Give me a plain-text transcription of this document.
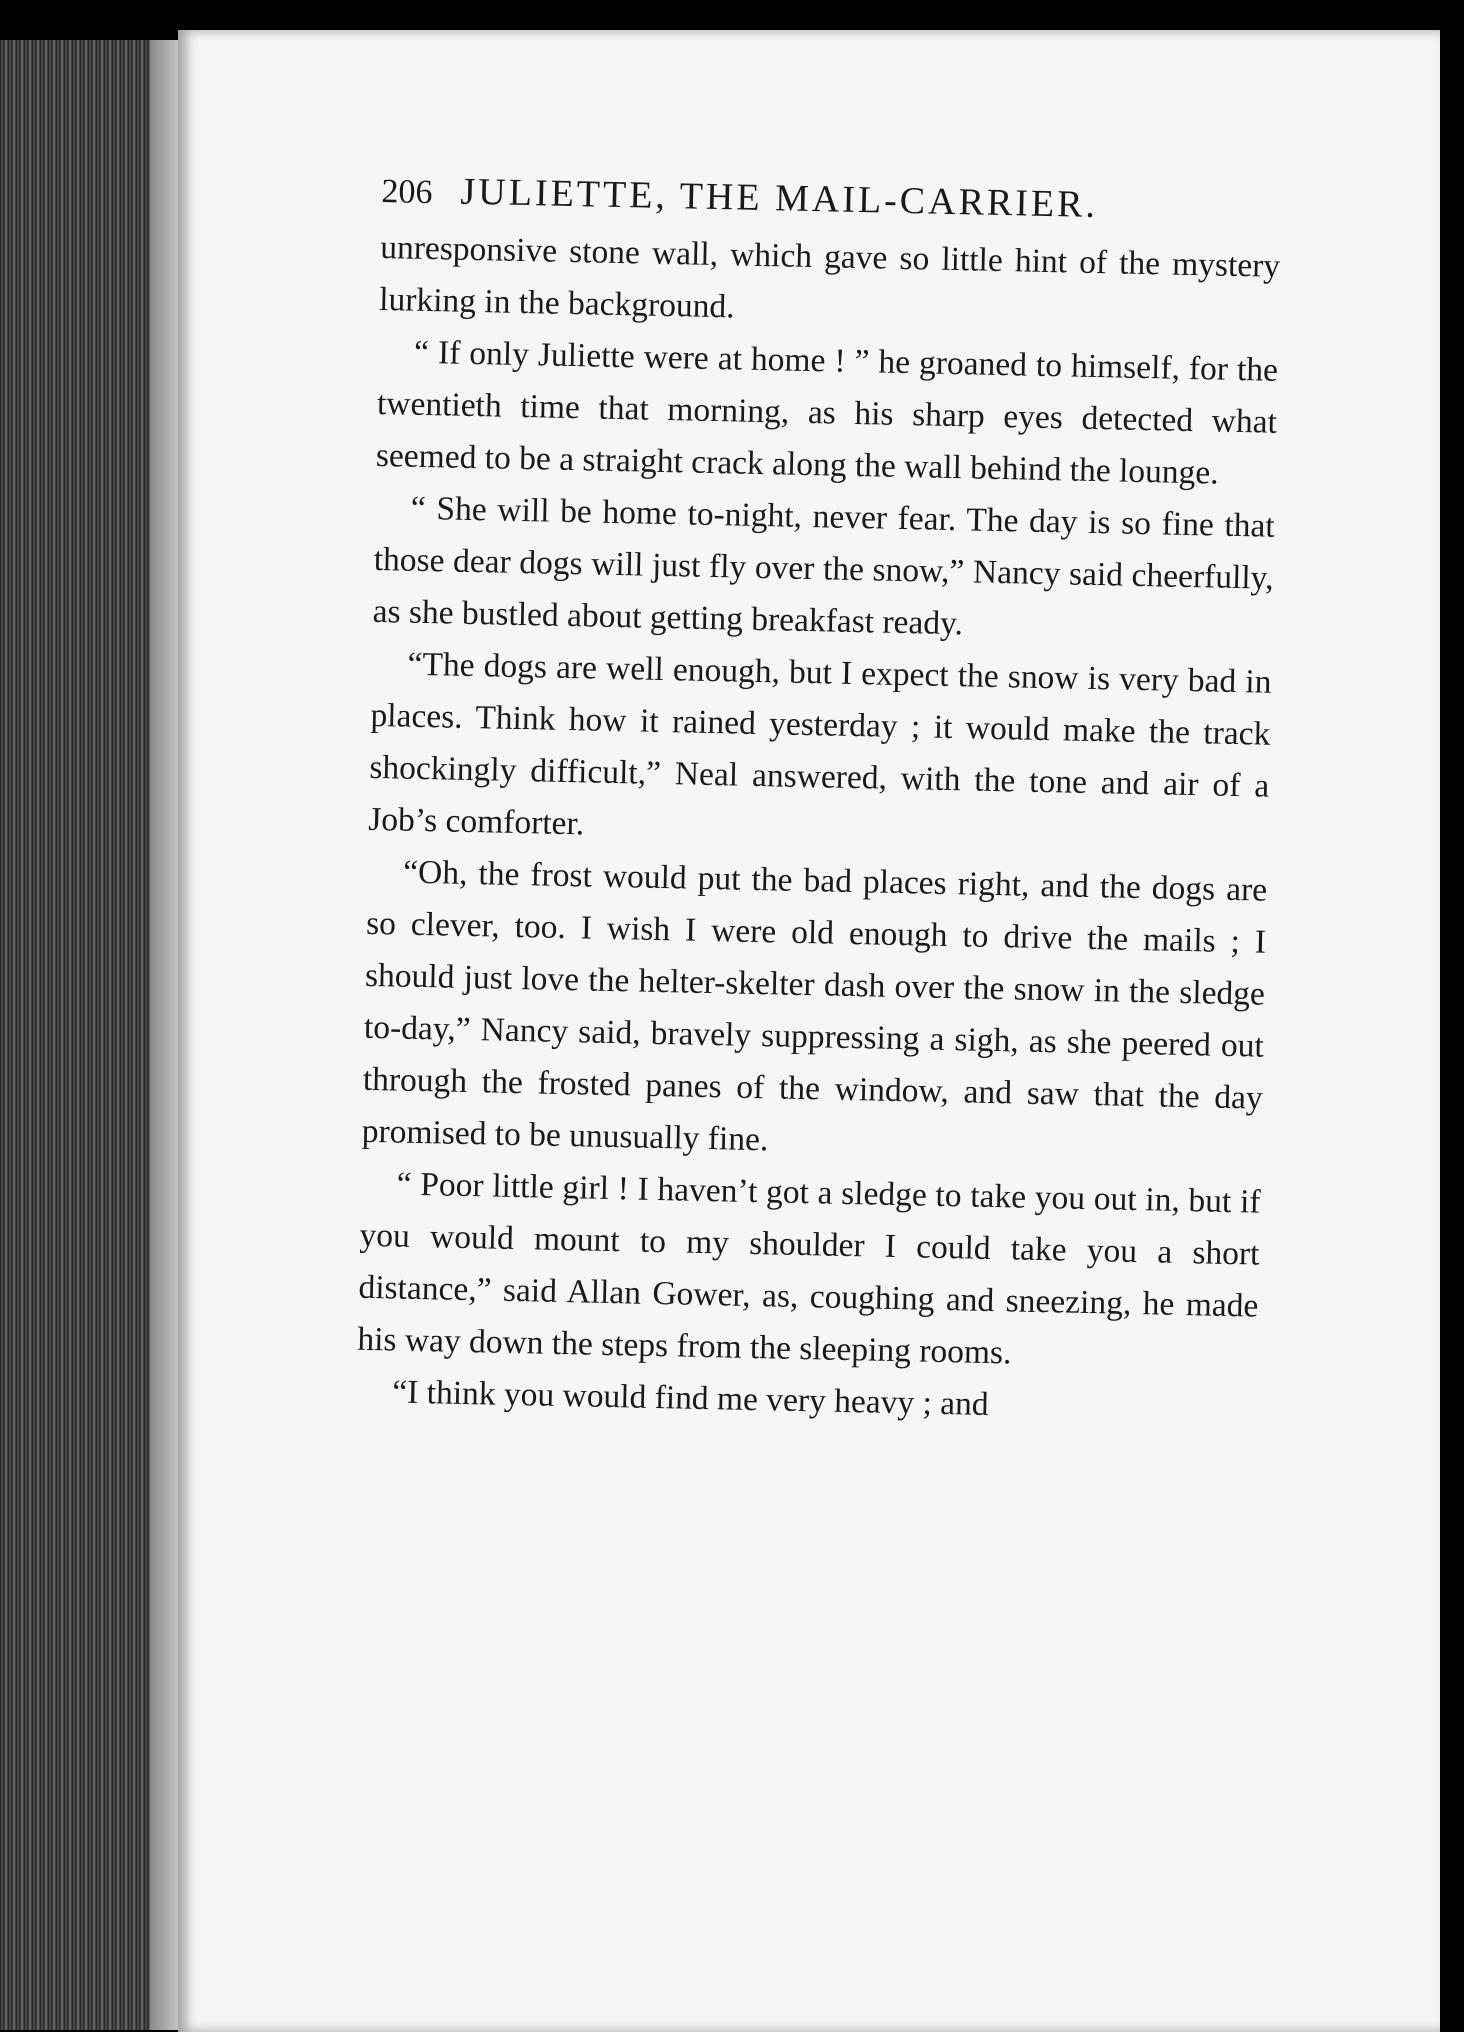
206 JULIETTE, THE MAIL-CARRIER.

unresponsive stone wall, which gave so little hint of the mystery lurking in the background.

“ If only Juliette were at home ! ” he groaned to himself, for the twentieth time that morning, as his sharp eyes detected what seemed to be a straight crack along the wall behind the lounge.

“ She will be home to-night, never fear. The day is so fine that those dear dogs will just fly over the snow,” Nancy said cheerfully, as she bustled about getting breakfast ready.

“The dogs are well enough, but I expect the snow is very bad in places. Think how it rained yesterday ; it would make the track shockingly difficult,” Neal answered, with the tone and air of a Job’s comforter.

“Oh, the frost would put the bad places right, and the dogs are so clever, too. I wish I were old enough to drive the mails ; I should just love the helter-skelter dash over the snow in the sledge to-day,” Nancy said, bravely suppressing a sigh, as she peered out through the frosted panes of the window, and saw that the day promised to be unusually fine.

“ Poor little girl ! I haven’t got a sledge to take you out in, but if you would mount to my shoulder I could take you a short distance,” said Allan Gower, as, coughing and sneezing, he made his way down the steps from the sleeping rooms.

“I think you would find me very heavy ; and
